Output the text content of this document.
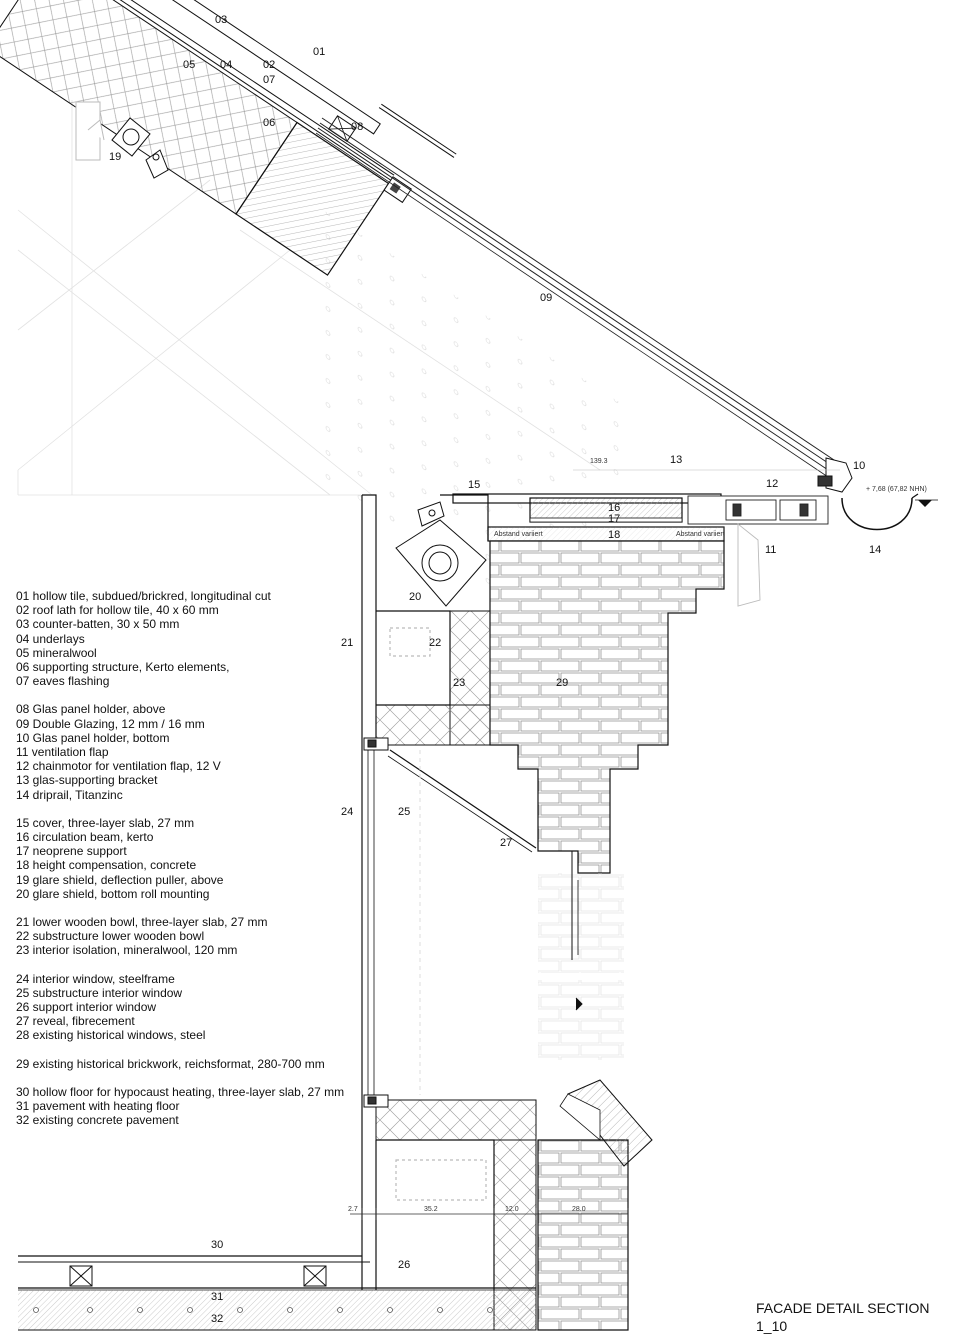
2.7	35.2	12.0	28.0
139.3
+ 7,68 (67,82 NHN)
Abstand variiert	Abstand variiert
01
02
03
04
05
06
07
08
09
10
11
12
13
14
15
16
17
18
19
20
21	22
23
24	25
26
27
29
30
31
32
01 hollow tile, subdued/brickred, longitudinal cut
02 roof lath for hollow tile, 40 x 60 mm
03 counter-batten, 30 x 50 mm
04 underlays
05 mineralwool
06 supporting structure, Kerto elements,
07 eaves flashing
08 Glas panel holder, above
09 Double Glazing, 12 mm / 16 mm
10 Glas panel holder, bottom
11 ventilation flap
12 chainmotor for ventilation flap, 12 V
13 glas-supporting bracket
14 driprail, Titanzinc
15 cover, three-layer slab, 27 mm
16 circulation beam, kerto
17 neoprene support
18 height compensation, concrete
19 glare shield, deflection puller, above
20 glare shield, bottom roll mounting
21 lower wooden bowl, three-layer slab, 27 mm
22 substructure lower wooden bowl
23 interior isolation, mineralwool, 120 mm
24 interior window, steelframe
25 substructure interior window
26 support interior window
27 reveal, fibrecement
28 existing historical windows, steel
29 existing historical brickwork, reichsformat, 280-700 mm
30 hollow floor for hypocaust heating, three-layer slab, 27 mm
31 pavement with heating floor
32 existing concrete pavement
FACADE DETAIL SECTION
1_10
